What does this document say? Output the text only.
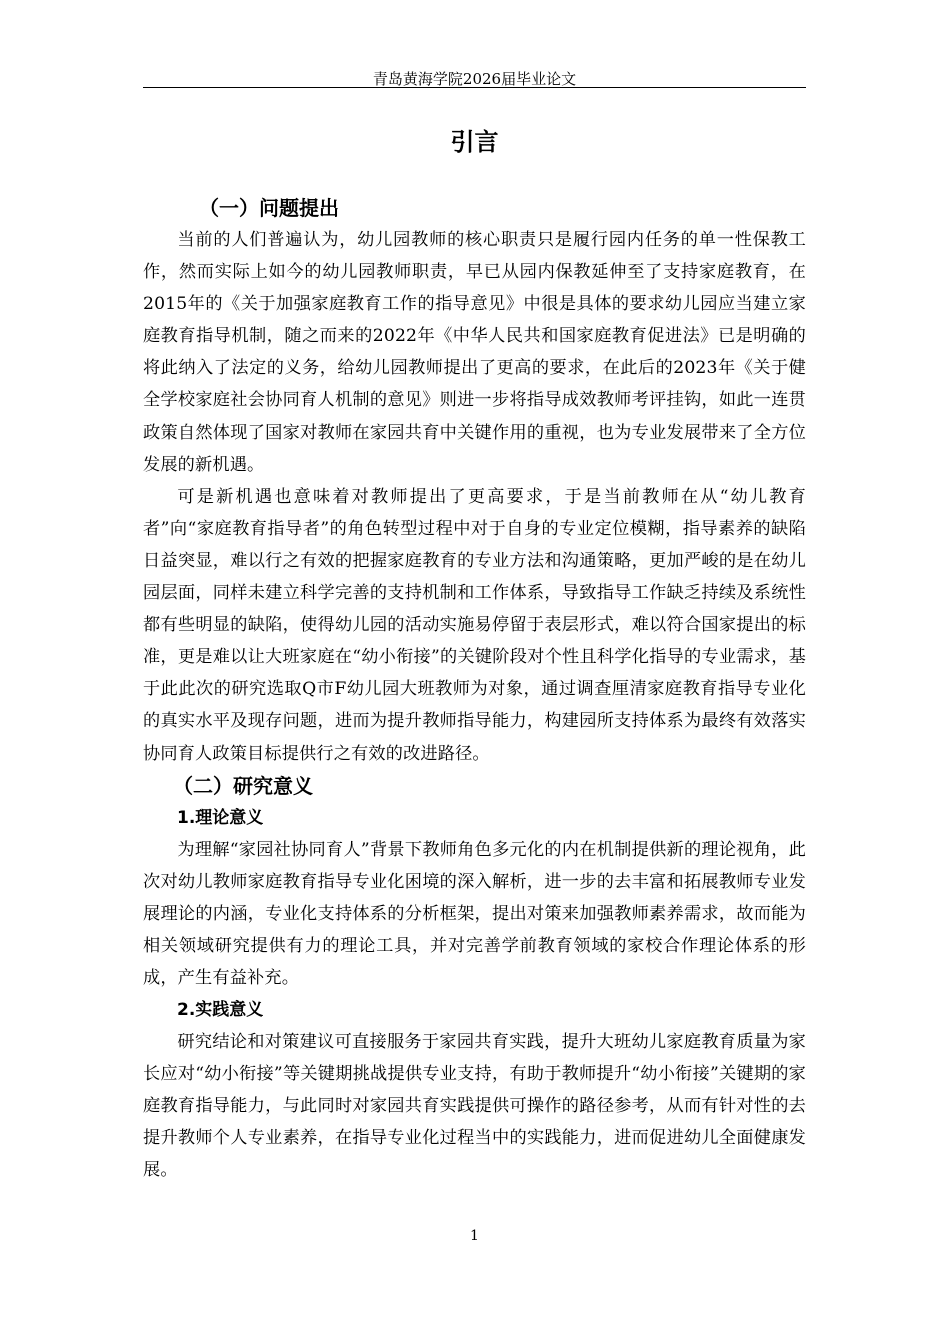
青岛黄海学院2026届毕业论文
引言
（一）问题提出

当前的人们普遍认为，幼儿园教师的核心职责只是履行园内任务的单一性保教工作，然而实际上如今的幼儿园教师职责，早已从园内保教延伸至了支持家庭教育，在2015年的《关于加强家庭教育工作的指导意见》中很是具体的要求幼儿园应当建立家庭教育指导机制，随之而来的2022年《中华人民共和国家庭教育促进法》已是明确的将此纳入了法定的义务，给幼儿园教师提出了更高的要求，在此后的2023年《关于健全学校家庭社会协同育人机制的意见》则进一步将指导成效教师考评挂钩，如此一连贯政策自然体现了国家对教师在家园共育中关键作用的重视，也为专业发展带来了全方位发展的新机遇。

可是新机遇也意味着对教师提出了更高要求，于是当前教师在从“幼儿教育者”向“家庭教育指导者”的角色转型过程中对于自身的专业定位模糊，指导素养的缺陷日益突显，难以行之有效的把握家庭教育的专业方法和沟通策略，更加严峻的是在幼儿园层面，同样未建立科学完善的支持机制和工作体系，导致指导工作缺乏持续及系统性都有些明显的缺陷，使得幼儿园的活动实施易停留于表层形式，难以符合国家提出的标准，更是难以让大班家庭在“幼小衔接”的关键阶段对个性且科学化指导的专业需求，基于此此次的研究选取Q市F幼儿园大班教师为对象，通过调查厘清家庭教育指导专业化的真实水平及现存问题，进而为提升教师指导能力，构建园所支持体系为最终有效落实协同育人政策目标提供行之有效的改进路径。

（二）研究意义
1.理论意义

为理解“家园社协同育人”背景下教师角色多元化的内在机制提供新的理论视角，此次对幼儿教师家庭教育指导专业化困境的深入解析，进一步的去丰富和拓展教师专业发展理论的内涵，专业化支持体系的分析框架，提出对策来加强教师素养需求，故而能为相关领域研究提供有力的理论工具，并对完善学前教育领域的家校合作理论体系的形成，产生有益补充。

2.实践意义

研究结论和对策建议可直接服务于家园共育实践，提升大班幼儿家庭教育质量为家长应对“幼小衔接”等关键期挑战提供专业支持，有助于教师提升“幼小衔接”关键期的家庭教育指导能力，与此同时对家园共育实践提供可操作的路径参考，从而有针对性的去提升教师个人专业素养，在指导专业化过程当中的实践能力，进而促进幼儿全面健康发展。

1
